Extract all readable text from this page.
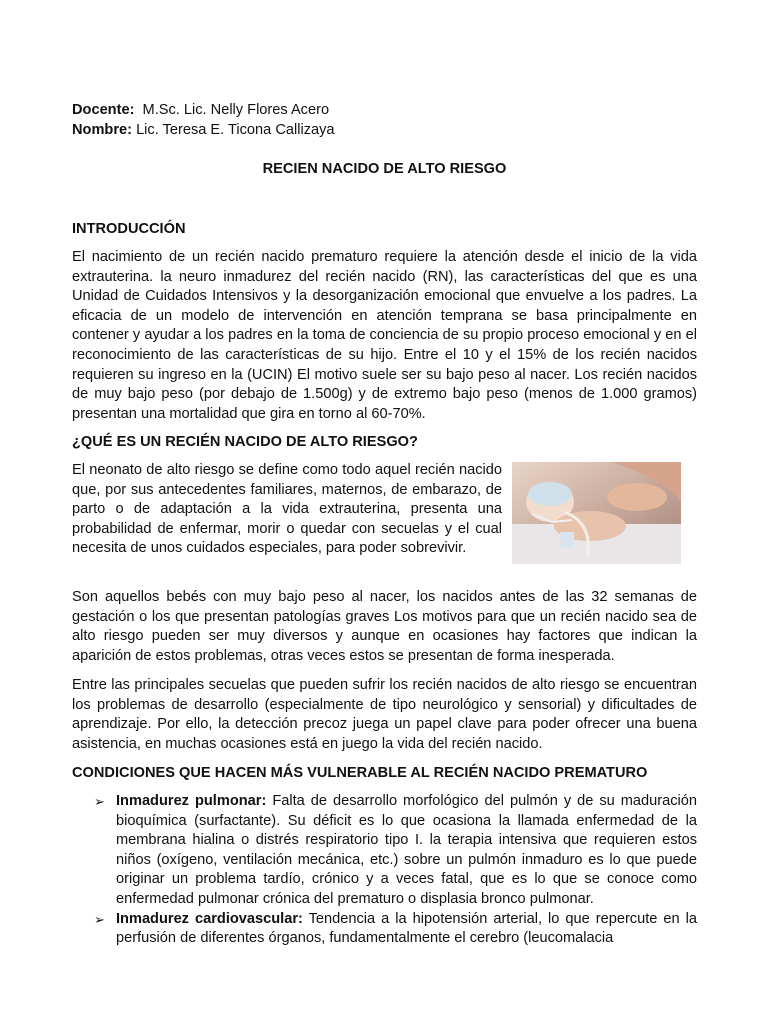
Docente: M.Sc. Lic. Nelly Flores Acero
Nombre: Lic. Teresa E. Ticona Callizaya
RECIEN NACIDO DE ALTO RIESGO
INTRODUCCIÓN

El nacimiento de un recién nacido prematuro requiere la atención desde el inicio de la vida extrauterina. la neuro inmadurez del recién nacido (RN), las características del que es una Unidad de Cuidados Intensivos y la desorganización emocional que envuelve a los padres. La eficacia de un modelo de intervención en atención temprana se basa principalmente en contener y ayudar a los padres en la toma de conciencia de su propio proceso emocional y en el reconocimiento de las características de su hijo. Entre el 10 y el 15% de los recién nacidos requieren su ingreso en la (UCIN) El motivo suele ser su bajo peso al nacer. Los recién nacidos de muy bajo peso (por debajo de 1.500g) y de extremo bajo peso (menos de 1.000 gramos) presentan una mortalidad que gira en torno al 60-70%.

¿QUÉ ES UN RECIÉN NACIDO DE ALTO RIESGO?

El neonato de alto riesgo se define como todo aquel recién nacido que, por sus antecedentes familiares, maternos, de embarazo, de parto o de adaptación a la vida extrauterina, presenta una probabilidad de enfermar, morir o quedar con secuelas y el cual necesita de unos cuidados especiales, para poder sobrevivir.

Son aquellos bebés con muy bajo peso al nacer, los nacidos antes de las 32 semanas de gestación o los que presentan patologías graves Los motivos para que un recién nacido sea de alto riesgo pueden ser muy diversos y aunque en ocasiones hay factores que indican la aparición de estos problemas, otras veces estos se presentan de forma inesperada.

Entre las principales secuelas que pueden sufrir los recién nacidos de alto riesgo se encuentran los problemas de desarrollo (especialmente de tipo neurológico y sensorial) y dificultades de aprendizaje. Por ello, la detección precoz juega un papel clave para poder ofrecer una buena asistencia, en muchas ocasiones está en juego la vida del recién nacido.

CONDICIONES QUE HACEN MÁS VULNERABLE AL RECIÉN NACIDO PREMATURO
➢ Inmadurez pulmonar: Falta de desarrollo morfológico del pulmón y de su maduración bioquímica (surfactante). Su déficit es lo que ocasiona la llamada enfermedad de la membrana hialina o distrés respiratorio tipo I. la terapia intensiva que requieren estos niños (oxígeno, ventilación mecánica, etc.) sobre un pulmón inmaduro es lo que puede originar un problema tardío, crónico y a veces fatal, que es lo que se conoce como enfermedad pulmonar crónica del prematuro o displasia bronco pulmonar.
➢ Inmadurez cardiovascular: Tendencia a la hipotensión arterial, lo que repercute en la perfusión de diferentes órganos, fundamentalmente el cerebro (leucomalacia
